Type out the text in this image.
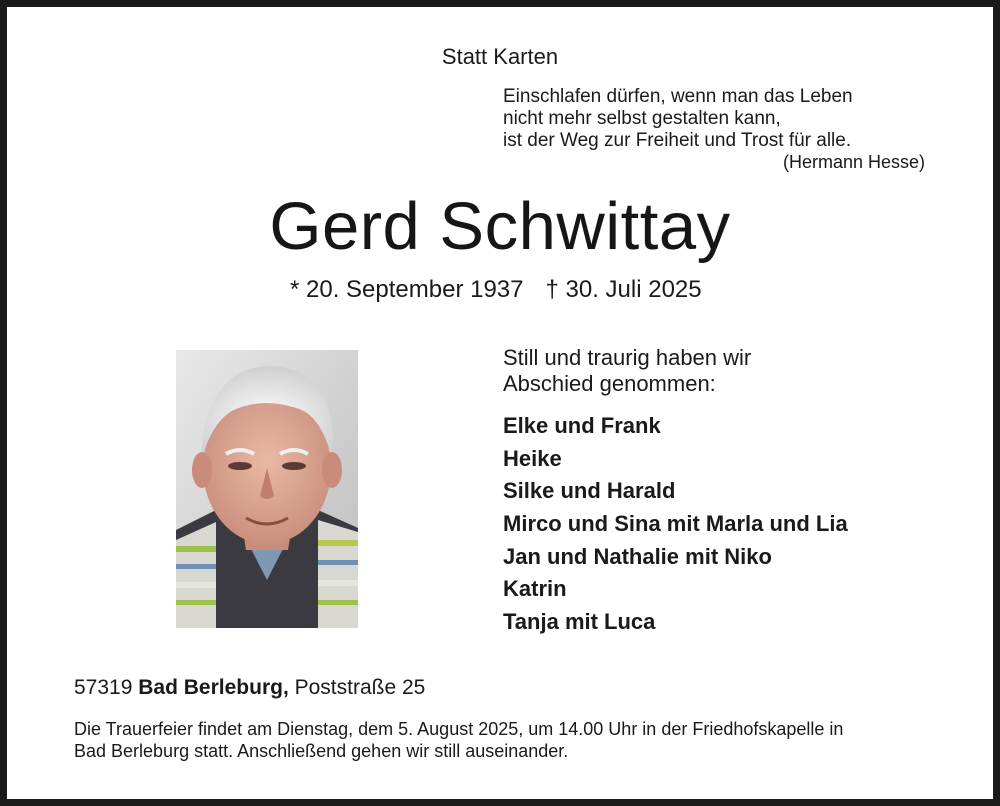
Statt Karten

Einschlafen dürfen, wenn man das Leben
nicht mehr selbst gestalten kann,
ist der Weg zur Freiheit und Trost für alle.

(Hermann Hesse)

Gerd Schwittay

* 20. September 1937 † 30. Juli 2025

Still und traurig haben wir
Abschied genommen:
Elke und Frank
Heike
Silke und Harald
Mirco und Sina mit Marla und Lia
Jan und Nathalie mit Niko
Katrin
Tanja mit Luca

57319 Bad Berleburg, Poststraße 25

Die Trauerfeier findet am Dienstag, dem 5. August 2025, um 14.00 Uhr in der Friedhofskapelle in
Bad Berleburg statt. Anschließend gehen wir still auseinander.
